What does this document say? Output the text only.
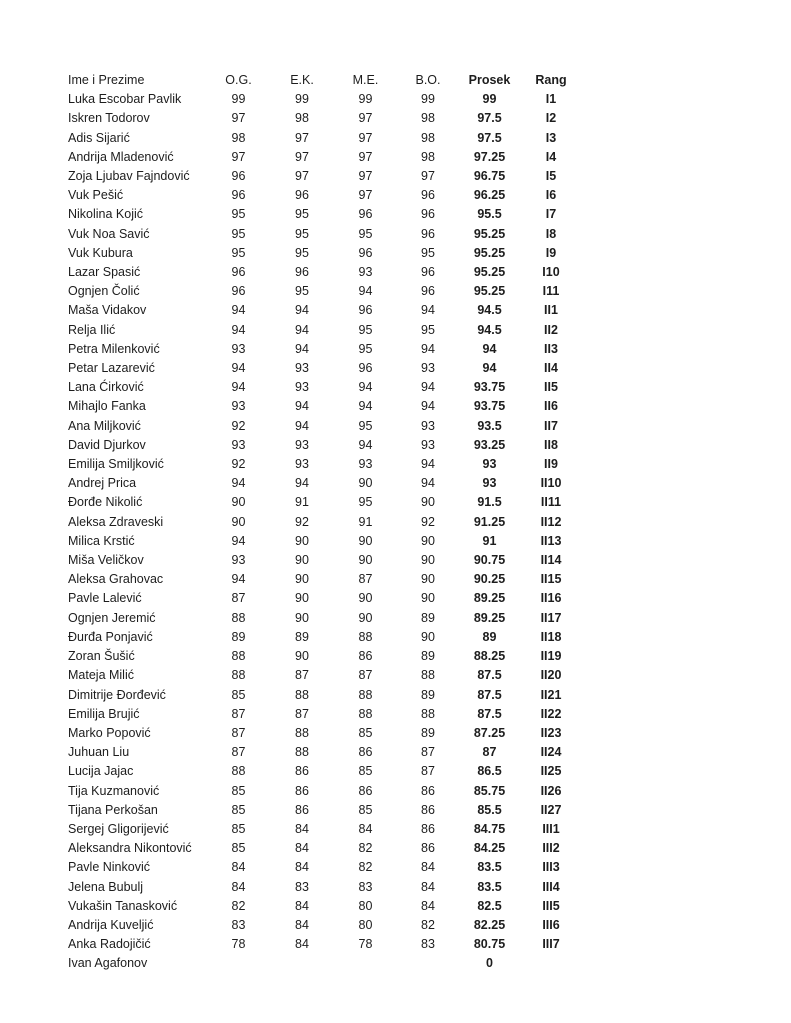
Ime i Prezime	O.G.	E.K.	M.E.	B.O.	Prosek	Rang
Luka Escobar Pavlik	99	99	99	99	99	I1
Iskren Todorov	97	98	97	98	97.5	I2
Adis Sijarić	98	97	97	98	97.5	I3
Andrija Mladenović	97	97	97	98	97.25	I4
Zoja Ljubav Fajndović	96	97	97	97	96.75	I5
Vuk Pešić	96	96	97	96	96.25	I6
Nikolina Kojić	95	95	96	96	95.5	I7
Vuk Noa Savić	95	95	95	96	95.25	I8
Vuk Kubura	95	95	96	95	95.25	I9
Lazar Spasić	96	96	93	96	95.25	I10
Ognjen Čolić	96	95	94	96	95.25	I11
Maša Vidakov	94	94	96	94	94.5	II1
Relja Ilić	94	94	95	95	94.5	II2
Petra Milenković	93	94	95	94	94	II3
Petar Lazarević	94	93	96	93	94	II4
Lana Ćirković	94	93	94	94	93.75	II5
Mihajlo Fanka	93	94	94	94	93.75	II6
Ana Miljković	92	94	95	93	93.5	II7
David Djurkov	93	93	94	93	93.25	II8
Emilija Smiljković	92	93	93	94	93	II9
Andrej Prica	94	94	90	94	93	II10
Đorđe Nikolić	90	91	95	90	91.5	II11
Aleksa Zdraveski	90	92	91	92	91.25	II12
Milica Krstić	94	90	90	90	91	II13
Miša Veličkov	93	90	90	90	90.75	II14
Aleksa Grahovac	94	90	87	90	90.25	II15
Pavle Lalević	87	90	90	90	89.25	II16
Ognjen Jeremić	88	90	90	89	89.25	II17
Đurđa Ponjavić	89	89	88	90	89	II18
Zoran Šušić	88	90	86	89	88.25	II19
Mateja Milić	88	87	87	88	87.5	II20
Dimitrije Đorđević	85	88	88	89	87.5	II21
Emilija Brujić	87	87	88	88	87.5	II22
Marko Popović	87	88	85	89	87.25	II23
Juhuan Liu	87	88	86	87	87	II24
Lucija Jajac	88	86	85	87	86.5	II25
Tija Kuzmanović	85	86	86	86	85.75	II26
Tijana Perkošan	85	86	85	86	85.5	II27
Sergej Gligorijević	85	84	84	86	84.75	III1
Aleksandra Nikontović	85	84	82	86	84.25	III2
Pavle Ninković	84	84	82	84	83.5	III3
Jelena Bubulj	84	83	83	84	83.5	III4
Vukašin Tanasković	82	84	80	84	82.5	III5
Andrija Kuveljić	83	84	80	82	82.25	III6
Anka Radojičić	78	84	78	83	80.75	III7
Ivan Agafonov					0	
